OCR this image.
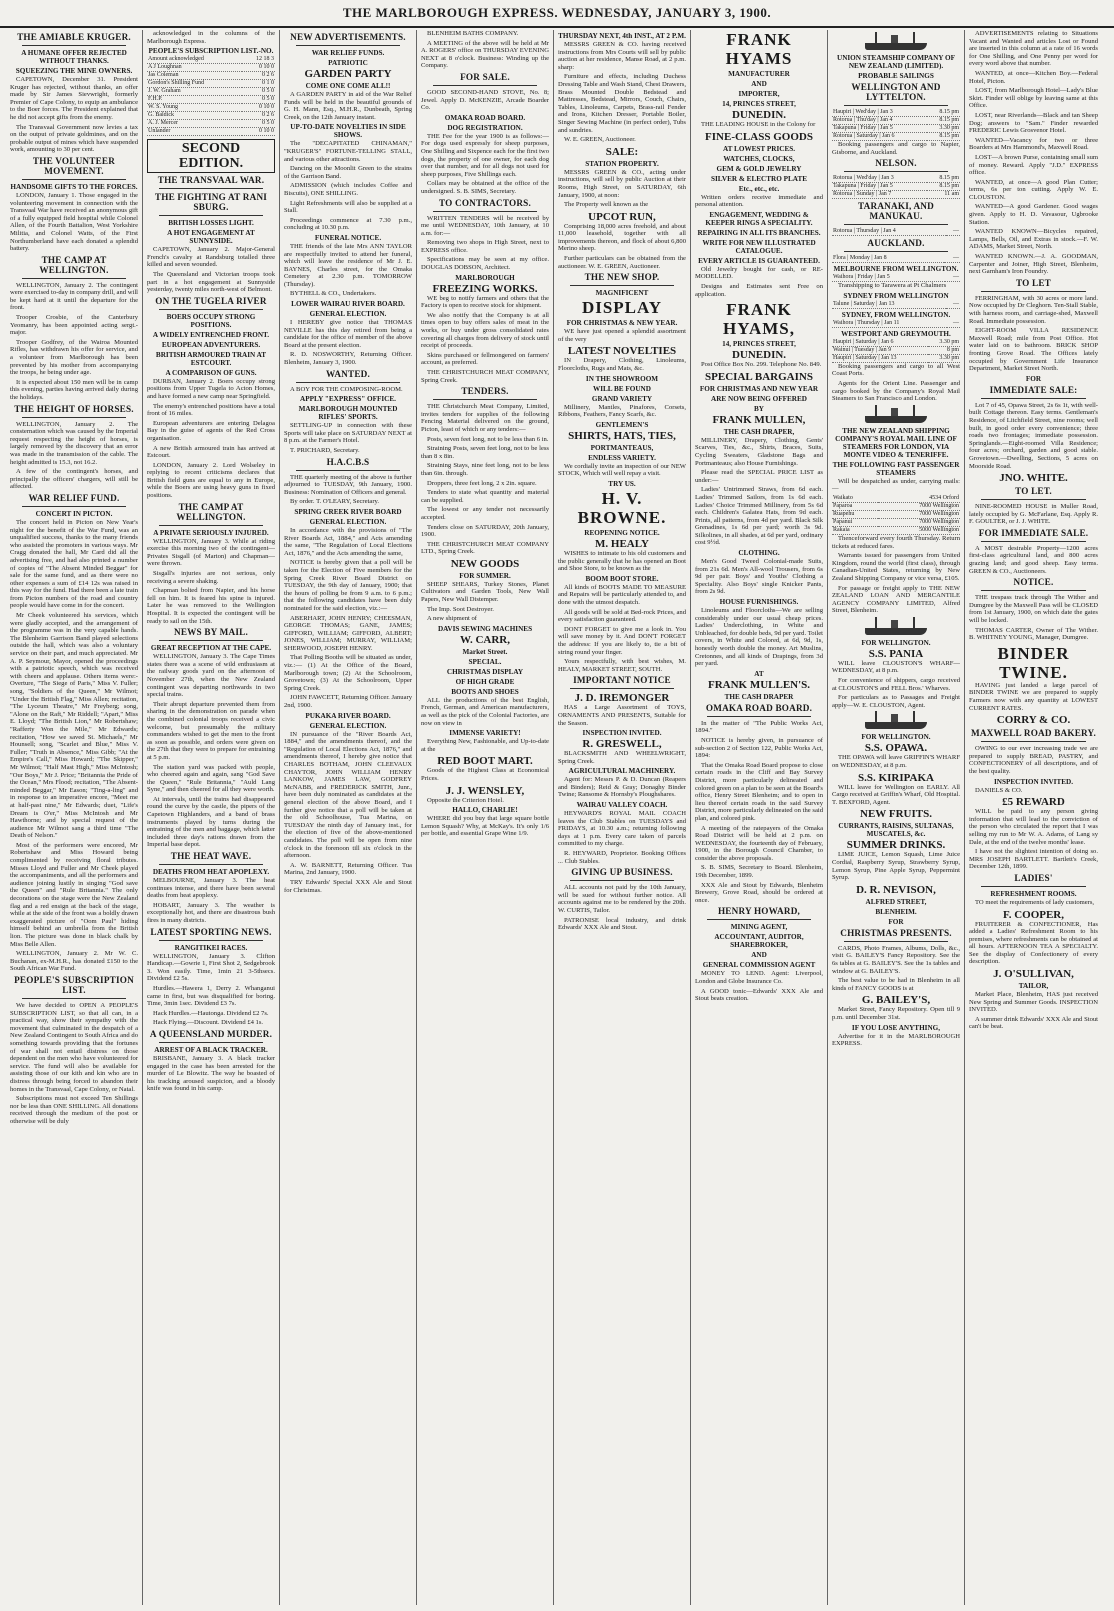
THE MARLBOROUGH EXPRESS. WEDNESDAY, JANUARY 3, 1900.
THE AMIABLE KRUGER.
A HUMANE OFFER REJECTED WITHOUT THANKS.
SQUEEZING THE MINE OWNERS.

CAPETOWN, December 31. President Kruger has rejected, without thanks, an offer made by Sir James Sievwright, formerly Premier of Cape Colony, to equip an ambulance to the Boer forces. The President explained that he did not accept gifts from the enemy.

The Transvaal Government now levies a tax on the output of private goldmines, and on the probable output of mines which have suspended work, amounting to 30 per cent.

THE VOLUNTEER MOVEMENT.
HANDSOME GIFTS TO THE FORCES.

LONDON, January 1. Those engaged in the volunteering movement in connection with the Transvaal War have received an anonymous gift of a fully equipped field hospital while Colonel Allen, of the Fourth Battalion, West Yorkshire Militia, and Colonel Watts, of the First Northumberland have each donated a splendid battery.

THE CAMP AT WELLINGTON.

WELLINGTON, January 2. The contingent were exercised to-day in company drill, and will be kept hard at it until the departure for the front.

Trooper Crosbie, of the Canterbury Yeomanry, has been appointed acting sergt.-major.

Trooper Godfrey, of the Wairoa Mounted Rifles, has withdrawn his offer for service, and a volunteer from Marlborough has been prevented by his mother from accompanying the troops, he being under age.

It is expected about 150 men will be in camp this evening, parties having arrived daily during the holidays.

THE HEIGHT OF HORSES.

WELLINGTON, January 2. The consternation which was caused by the Imperial request respecting the height of horses, is largely removed by the discovery that an error was made in the transmission of the cable. The height admitted is 15.3, not 16.2.

A few of the contingent's horses, and principally the officers' chargers, will still be affected.

WAR RELIEF FUND.
CONCERT IN PICTON.

The concert held in Picton on New Year's night for the benefit of the War Fund, was an unqualified success, thanks to the many friends who assisted the promoters in various ways. Mr Cragg donated the hall, Mr Card did all the advertising free, and had also printed a number of copies of "The Absent Minded Beggar" for sale for the same fund, and as there were no other expenses a sum of £14 12s was raised in this way for the fund. Had there been a late train from Picton numbers of the road and country people would have come in for the concert.

Mr Cheek volunteered his services, which were gladly accepted, and the arrangement of the programme was in the very capable hands. The Blenheim Garrison Band played selections outside the hall, which was also a voluntary service on their part, and much appreciated. Mr A. P. Seymour, Mayor, opened the proceedings with a patriotic speech, which was received with cheers and applause. Others items were:-Overture, "The Siege of Paris," Miss V. Fuller; song, "Soldiers of the Queen," Mr Wilmot; "Under the British Flag," Miss Allen; recitation, "The Lyceum Theatre," Mr Freyberg; song, "Alone on the Raft," Mr Riddell; "Apart," Miss E. Lloyd; "The British Lion," Mr Robertshaw; "Rafferty Won the Mile," Mr Edwards; recitation, "How we saved St. Michaels," Mr Hounsell; song, "Scarlet and Blue," Miss V. Fuller; "Truth in Absence," Miss Gibb; "At the Empire's Call," Miss Howard; "The Skipper," Mr Wilmot; "Half Mast High," Miss McIntosh; "Our Boys," Mr J. Price; "Britannia the Pride of the Ocean," Mrs Flood; recitation, "The Absent-minded Beggar," Mr Eason; "Ting-a-ling" and in response to an imperative encore, "Meet me at half-past nine," Mr Edwards; duet, "Life's Dream is O'er," Miss McIntosh and Mr Hawthorne; and by special request of the audience Mr Wilmot sang a third time "The Death of Nelson."

Most of the performers were encored, Mr Robertshaw and Miss Howard being complimented by receiving floral tributes. Misses Lloyd and Fuller and Mr Cheek played the accompaniments, and all the performers and audience joining lustily in singing "God save the Queen" and "Rule Britannia." The only decorations on the stage were the New Zealand flag and a red ensign at the back of the stage, while at the side of the front was a boldly drawn exaggerated picture of "Oom Paul" hiding himself behind an umbrella from the British lion. The picture was done in black chalk by Miss Belle Allen.

WELLINGTON, January 2. Mr W. C. Buchanan, ex-M.H.R., has donated £150 to the South African War Fund.

PEOPLE'S SUBSCRIPTION LIST.

We have decided to OPEN A PEOPLE'S SUBSCRIPTION LIST, so that all can, in a practical way, show their sympathy with the movement that culminated in the despatch of a New Zealand Contingent to South Africa and do something towards providing that the fortunes of war shall not entail distress on those dependent on the men who have volunteered for service. The fund will also be available for assisting those of our kith and kin who are in distress through being forced to abandon their homes in the Transvaal, Cape Colony, or Natal.

Subscriptions must not exceed Ten Shillings nor be less than ONE SHILLING. All donations received through the medium of the post or otherwise will be duly

acknowledged in the columns of the Marlborough Express.

PEOPLE'S SUBSCRIPTION LIST.-NO.
Amount acknowledged	12 18 3
A J Loughnan	0 10 0
Jas Coleman	0 2 6
Gordon's Shilling Fund	0 1 0
J. W. Graham	0 5 0
F.H.P.	0 5 0
W. S. Young	0 10 0
G. Baldick	0 2 6
A. J. Mercer	0 5 0
Unlander	0 10 0
SECOND EDITION.
THE TRANSVAAL WAR.
THE FIGHTING AT RANI SBURG.
BRITISH LOSSES LIGHT.
A HOT ENGAGEMENT AT SUNNYSIDE.

CAPETOWN, January 2. Major-General French's cavalry at Randsburg totalled three killed and seven wounded.

The Queensland and Victorian troops took part in a hot engagement at Sunnyside yesterday, twenty miles north-west of Belmont.

ON THE TUGELA RIVER
BOERS OCCUPY STRONG POSITIONS.
A WIDELY ENTRENCHED FRONT.
EUROPEAN ADVENTURERS.
BRITISH ARMOURED TRAIN AT ESTCOURT.
A COMPARISON OF GUNS.

DURBAN, January 2. Boers occupy strong positions from Upper Tugela to Acton Homes, and have formed a new camp near Springfield.

The enemy's entrenched positions have a total front of 16 miles.

European adventurers are entering Delagoa Bay in the guise of agents of the Red Cross organisation.

A new British armoured train has arrived at Estcourt.

LONDON, January 2. Lord Wolseley in replying to recent criticisms declares that British field guns are equal to any in Europe, while the Boers are using heavy guns in fixed positions.

THE CAMP AT WELLINGTON.
A PRIVATE SERIOUSLY INJURED.

WELLINGTON, January 3. While at riding exercise this morning two of the contingent—Privates Sisgall (of Marton) and Chapman—were thrown.

Sisgall's injuries are not serious, only receiving a severe shaking.

Chapman bolted from Napier, and his horse fell on him. It is feared his spine is injured. Later he was removed to the Wellington Hospital. It is expected the contingent will be ready to sail on the 15th.

NEWS BY MAIL.
GREAT RECEPTION AT THE CAPE.

WELLINGTON, January 3. The Cape Times states there was a scene of wild enthusiasm at the railway goods yard on the afternoon of November 27th, when the New Zealand contingent was departing northwards in two special trains.

Their abrupt departure prevented them from sharing in the demonstration on parade when the combined colonial troops received a civic welcome, but presumably the military commanders wished to get the men to the front as soon as possible, and orders were given on the 27th that they were to prepare for entraining at 5 p.m.

The station yard was packed with people, who cheered again and again, sang "God Save the Queen," "Rule Britannia," "Auld Lang Syne," and then cheered for all they were worth.

At intervals, until the trains had disappeared round the curve by the castle, the pipers of the Capetown Highlanders, and a band of brass instruments played by turns during the entraining of the men and baggage, which latter included three day's rations drawn from the Imperial base depot.

THE HEAT WAVE.
DEATHS FROM HEAT APOPLEXY.

MELBOURNE, January 3. The heat continues intense, and there have been several deaths from heat apoplexy.

HOBART, January 3. The weather is exceptionally hot, and there are disastrous bush fires in many districts.

LATEST SPORTING NEWS.
RANGITIKEI RACES.

WELLINGTON, January 3. Clifton Handicap.—Gowrie 1, First Shot 2, Sedgebrook 3. Won easily. Time, 1min 21 3-5thsecs. Dividend £2 5s.

Hurdles.—Hawera 1, Derry 2. Whanganui came in first, but was disqualified for boring. Time, 3min 1sec. Dividend £3 7s.

Hack Hurdles.—Hautonga. Dividend £2 7s.

Hack Flying.—Discount. Dividend £4 1s.

A QUEENSLAND MURDER.
ARREST OF A BLACK TRACKER.

BRISBANE, January 3. A black tracker engaged in the case has been arrested for the murder of Le Blowitz. The way he boasted of his tracking aroused suspicion, and a bloody knife was found in his camp.

NEW ADVERTISEMENTS.
WAR RELIEF FUNDS.
PATRIOTIC
GARDEN PARTY
COME ONE COME ALL!!

A GARDEN PARTY in aid of the War Relief Funds will be held in the beautiful grounds of G. H. Mann, Esq., M.H.R., Dunbeath, Spring Creek, on the 12th January instant.

UP-TO-DATE NOVELTIES IN SIDE SHOWS.

The "DECAPITATED CHINAMAN," "KRUGER'S" FORTUNE-TELLING STALL, and various other attractions.

Dancing on the Moonlit Green to the strains of the Garrison Band.

ADMISSION (which includes Coffee and Biscuits), ONE SHILLING.

Light Refreshments will also be supplied at a Stall.

Proceedings commence at 7.30 p.m., concluding at 10.30 p.m.

FUNERAL NOTICE.

THE friends of the late Mrs ANN TAYLOR are respectfully invited to attend her funeral, which will leave the residence of Mr J. E. BAYNES, Charles street, for the Omaka Cemetery at 2.30 p.m. TOMORROW (Thursday).

BYTHELL & CO., Undertakers.

LOWER WAIRAU RIVER BOARD.
GENERAL ELECTION.

I HEREBY give notice that THOMAS NEVILLE has this day retired from being a candidate for the office of member of the above Board at the present election.

R. D. NOSWORTHY, Returning Officer. Blenheim, January 3, 1900.

WANTED.

A BOY FOR THE COMPOSING-ROOM.

APPLY "EXPRESS" OFFICE.
MARLBOROUGH MOUNTED RIFLES' SPORTS.

SETTLING-UP in connection with these Sports will take place on SATURDAY NEXT at 8 p.m. at the Farmer's Hotel.

T. PRICHARD, Secretary.

H.A.C.B.S

THE quarterly meeting of the above is further adjourned to TUESDAY, 9th January, 1900. Business: Nomination of Officers and general.

By order. T. O'LEARY, Secretary.

SPRING CREEK RIVER BOARD
GENERAL ELECTION.

In accordance with the provisions of "The River Boards Act, 1884," and Acts amending the same, "The Regulation of Local Elections Act, 1876," and the Acts amending the same,

NOTICE is hereby given that a poll will be taken for the Election of Five members for the Spring Creek River Board District on TUESDAY, the 9th day of January, 1900; that the hours of polling be from 9 a.m. to 6 p.m.; that the following candidates have been duly nominated for the said election, viz.:—

ABERHART, JOHN HENRY; CHEESMAN, GEORGE THOMAS; GANE, JAMES; GIFFORD, WILLIAM; GIFFORD, ALBERT; JONES, WILLIAM; MURRAY, WILLIAM; SHERWOOD, JOSEPH HENRY.

That Polling Booths will be situated as under, viz.:— (1) At the Office of the Board, Marlborough town; (2) At the Schoolroom, Grovetown; (3) At the Schoolroom, Upper Spring Creek.

JOHN FAWCETT, Returning Officer. January 2nd, 1900.

PUKAKA RIVER BOARD.
GENERAL ELECTION.

IN pursuance of the "River Boards Act, 1884," and the amendments thereof, and the "Regulation of Local Elections Act, 1876," and amendments thereof, I hereby give notice that CHARLES BOTHAM, JOHN CLEEVAUX CHAYTOR, JOHN WILLIAM HENRY LANKOW, JAMES LAW, GODFREY McNABB, and FREDERICK SMITH, Junr., have been duly nominated as candidates at the general election of the above Board, and I further give notice that a poll will be taken at the old Schoolhouse, Tua Marina, on TUESDAY the ninth day of January inst., for the election of five of the above-mentioned candidates. The poll will be open from nine o'clock in the forenoon till six o'clock in the afternoon.

A. W. BARNETT, Returning Officer. Tua Marina, 2nd January, 1900.

TRY Edwards' Special XXX Ale and Stout for Christmas.

BLENHEIM BATHS COMPANY.

A MEETING of the above will be held at Mr A. ROGERS' office on THURSDAY EVENING NEXT at 8 o'clock. Business: Winding up the Company.

FOR SALE.

GOOD SECOND-HAND STOVE, No. 8; Jewel. Apply D. McKENZIE, Arcade Boarder Co.

OMAKA ROAD BOARD.
DOG REGISTRATION.

THE Fee for the year 1900 is as follows:—For dogs used expressly for sheep purposes, One Shilling and Sixpence each for the first two dogs, the property of one owner, for each dog over that number, and for all dogs not used for sheep purposes, Five Shillings each.

Collars may be obtained at the office of the undersigned. S. B. SIMS, Secretary.

TO CONTRACTORS.

WRITTEN TENDERS will be received by me until WEDNESDAY, 10th January, at 10 a.m. for:—

Removing two shops in High Street, next to EXPRESS office.

Specifications may be seen at my office. DOUGLAS DOBSON, Architect.

MARLBOROUGH
FREEZING WORKS.

WE beg to notify farmers and others that the Factory is open to receive stock for shipment.

We also notify that the Company is at all times open to buy offers sales of meat in the works, or buy under gross consolidated rates covering all charges from delivery of stock until receipt of proceeds.

Skins purchased or fellmongered on farmers' account, as preferred.

THE CHRISTCHURCH MEAT COMPANY, Spring Creek.

TENDERS.

THE Christchurch Meat Company, Limited, invites tenders for supplies of the following Fencing Material delivered on the ground, Picton, least of which or any tenders:—

Posts, seven feet long, not to be less than 6 in.

Straining Posts, seven feet long, not to be less than 8 x 8in.

Straining Stays, nine feet long, not to be less than 6in. through.

Droppers, three feet long, 2 x 2in. square.

Tenders to state what quantity and material can be supplied.

The lowest or any tender not necessarily accepted.

Tenders close on SATURDAY, 20th January, 1900.

THE CHRISTCHURCH MEAT COMPANY LTD., Spring Creek.

NEW GOODS
FOR SUMMER.

SHEEP SHEARS, Turkey Stones, Planet Cultivators and Garden Tools, New Wall Papers, New Wall Distemper.

The Imp. Soot Destroyer.

A new shipment of

DAVIS SEWING MACHINES
W. CARR,
Market Street.
SPECIAL.
CHRISTMAS DISPLAY
OF HIGH GRADE
BOOTS AND SHOES

ALL the productions of the best English, French, German, and American manufacturers, as well as the pick of the Colonial Factories, are now on view in

IMMENSE VARIETY!

Everything New, Fashionable, and Up-to-date at the

RED BOOT MART.

Goods of the Highest Class at Economical Prices.

J. J. WENSLEY,

Opposite the Criterion Hotel.

HALLO, CHARLIE!

WHERE did you buy that large square bottle Lemon Squash? Why, at McKay's. It's only 1/6 per bottle, and essential Grape Wine 1/9.

THURSDAY NEXT, 4th INST., AT 2 P.M.

MESSRS GREEN & CO. having received instructions from Mrs Courts will sell by public auction at her residence, Manse Road, at 2 p.m. sharp:

Furniture and effects, including Duchess Dressing Table and Wash Stand, Chest Drawers, Brass Mounted Double Bedstead and Mattresses, Bedstead, Mirrors, Couch, Chairs, Tables, Linoleums, Carpets, Brass-rail Fender and Irons, Kitchen Dresser, Portable Boiler, Singer Sewing Machine (in perfect order), Tubs and sundries.

W. E. GREEN, Auctioneer.

SALE:
STATION PROPERTY.

MESSRS GREEN & CO., acting under instructions, will sell by public Auction at their Rooms, High Street, on SATURDAY, 6th January, 1900, at noon:

The Property well known as the

UPCOT RUN,

Comprising 18,000 acres freehold, and about 11,000 leasehold, together with all improvements thereon, and flock of about 6,800 Merino sheep.

Further particulars can be obtained from the auctioneer. W. E. GREEN, Auctioneer.

THE NEW SHOP.
MAGNIFICENT
DISPLAY
FOR CHRISTMAS & NEW YEAR.

WE have just opened a splendid assortment of the very

LATEST NOVELTIES

IN Drapery, Clothing, Linoleums, Floorcloths, Rugs and Mats, &c.

IN THE SHOWROOM
WILL BE FOUND
GRAND VARIETY

Millinery, Mantles, Pinafores, Corsets, Ribbons, Feathers, Fancy Scarfs, &c.

GENTLEMEN'S
SHIRTS, HATS, TIES,
PORTMANTEAUS,
ENDLESS VARIETY.

We cordially invite an inspection of our NEW STOCK, Which will well repay a visit.

TRY US.
H. V. BROWNE.
REOPENING NOTICE.
M. HEALY

WISHES to intimate to his old customers and the public generally that he has opened an Boot and Shoe Store, to be known as the

BOOM BOOT STORE.

All kinds of BOOTS MADE TO MEASURE and Repairs will be particularly attended to, and done with the utmost despatch.

All goods will be sold at Bed-rock Prices, and every satisfaction guaranteed.

DONT FORGET to give me a look in. You will save money by it. And DON'T FORGET the address: If you are likely to, tie a bit of string round your finger.

Yours respectfully, with best wishes, M. HEALY, MARKET STREET, SOUTH.

IMPORTANT NOTICE
J. D. IREMONGER

HAS a Large Assortment of TOYS, ORNAMENTS AND PRESENTS, Suitable for the Season.

INSPECTION INVITED.
R. GRESWELL,

BLACKSMITH AND WHEELWRIGHT, Spring Creek.

AGRICULTURAL MACHINERY.

Agent for: Messrs P. & D. Duncan (Reapers and Binders); Reid & Gray; Donaghy Binder Twine; Ransome & Hornsby's Ploughshares.

WAIRAU VALLEY COACH.

HEYWARD'S ROYAL MAIL COACH leaves the Club Stables on TUESDAYS and FRIDAYS, at 10.30 a.m.; returning following days at 1 p.m. Every care taken of parcels committed to my charge.

R. HEYWARD, Proprietor. Booking Offices ... Club Stables.

GIVING UP BUSINESS.

ALL accounts not paid by the 10th January, will be sued for without further notice. All accounts against me to be rendered by the 20th. W. CURTIS, Tailor.

PATRONISE local industry, and drink Edwards' XXX Ale and Stout.

FRANK HYAMS
MANUFACTURER
AND
IMPORTER,
14, PRINCES STREET,
DUNEDIN.

THE LEADING HOUSE in the Colony for

FINE-CLASS GOODS
AT LOWEST PRICES.
WATCHES, CLOCKS,
GEM & GOLD JEWELRY
SILVER & ELECTRO PLATE
Etc., etc., etc.

Written orders receive immediate and personal attention.

ENGAGEMENT, WEDDING & KEEPER RINGS A SPECIALITY.
REPAIRING IN ALL ITS BRANCHES.
WRITE FOR NEW ILLUSTRATED CATALOGUE.
EVERY ARTICLE IS GUARANTEED.

Old Jewelry bought for cash, or RE-MODELLED.

Designs and Estimates sent Free on application.

FRANK HYAMS,
14, PRINCES STREET,
DUNEDIN.

Post Office Box No. 299. Telephone No. 849.

SPECIAL BARGAINS
FOR CHRISTMAS AND NEW YEAR
ARE NOW BEING OFFERED
BY
FRANK MULLEN,
THE CASH DRAPER,

MILLINERY, Drapery, Clothing, Gents' Scarves, Ties, &c., Shirts, Braces, Suits, Cycling Sweaters, Gladstone Bags and Portmanteaus; also House Furnishings.

Please read the SPECIAL PRICE LIST as under:—

Ladies' Untrimmed Straws, from 6d each. Ladies' Trimmed Sailors, from 1s 6d each. Ladies' Choice Trimmed Millinery, from 5s 6d each. Children's Galatea Hats, from 9d each. Prints, all patterns, from 4d per yard. Black Silk Grenadines, 1s 6d per yard; worth 3s 9d. Silkolines, in all shades, at 6d per yard, ordinary cost 9½d.

CLOTHING.

Men's Good Tweed Colonial-made Suits, from 21s 6d. Men's All-wool Trousers, from 6s 9d per pair. Boys' and Youths' Clothing a Speciality. Also Boys' single Knicker Pants, from 2s 9d.

HOUSE FURNISHINGS.

Linoleums and Floorcloths—We are selling considerably under our usual cheap prices. Ladies' Underclothing, in White and Unbleached, for double beds, 9d per yard. Toilet covers, in White and Colored, at 6d, 9d, 1s, honestly worth double the money. Art Muslins, Cretonnes, and all kinds of Drapings, from 3d per yard.

AT
FRANK MULLEN'S.
THE CASH DRAPER
OMAKA ROAD BOARD.

In the matter of "The Public Works Act, 1894."

NOTICE is hereby given, in pursuance of sub-section 2 of Section 122, Public Works Act, 1894:

That the Omaka Road Board propose to close certain roads in the Cliff and Bay Survey District, more particularly delineated and colored green on a plan to be seen at the Board's office, Henry Street Blenheim; and to open in lieu thereof certain roads in the said Survey District, more particularly delineated on the said plan, and colored pink.

A meeting of the ratepayers of the Omaka Road District will be held at 2 p.m. on WEDNESDAY, the fourteenth day of February, 1900, in the Borough Council Chamber, to consider the above proposals.

S. B. SIMS, Secretary to Board. Blenheim, 19th December, 1899.

XXX Ale and Stout by Edwards, Blenheim Brewery, Grove Road, should be ordered at once.

HENRY HOWARD,
MINING AGENT,
ACCOUNTANT, AUDITOR, SHAREBROKER,
AND
GENERAL COMMISSION AGENT

MONEY TO LEND. Agent: Liverpool, London and Globe Insurance Co.

A GOOD tonic—Edwards' XXX Ale and Stout beats creation.

UNION STEAMSHIP COMPANY OF NEW ZEALAND (LIMITED).
PROBABLE SAILINGS
WELLINGTON AND LYTTELTON.
Haupiri | Wed'day | Jan 3	8.15 pm
Rotorua | Thu'day | Jan 4	8.15 pm
Takapuna | Friday | Jan 5	3.30 pm
Rotorua | Saturday | Jan 6	8.15 pm

Booking passengers and cargo to Napier, Gisborne, and Auckland.

NELSON.
Rotorua | Wed'day | Jan 3	8.15 pm
Takapuna | Friday | Jan 5	8.15 pm
Rotorua | Sunday | Jan 7	11 am
TARANAKI, AND MANUKAU.
Rotorua | Thursday | Jan 4	—
AUCKLAND.
Flora | Monday | Jan 8	—
MELBOURNE FROM WELLINGTON.
Waihora | Friday | Jan 5	—

Transhipping to Tarawera at Pt Chalmers

SYDNEY FROM WELLINGTON
Talune | Saturday | Jan 13	—
SYDNEY, FROM WELLINGTON.
Waihora | Thursday | Jan 11	—
WESTPORT AND GREYMOUTH.
Haupiri | Saturday | Jan 6	3.30 pm
Wainui | Tuesday | Jan 9	8 pm
Haupiri | Saturday | Jan 13	3.30 pm

Booking passengers and cargo to all West Coast Ports.

Agents for the Orient Line. Passenger and cargo booked by the Company's Royal Mail Steamers to San Francisco and London.

THE NEW ZEALAND SHIPPING COMPANY'S ROYAL MAIL LINE OF STEAMERS FOR LONDON, VIA MONTE VIDEO & TENERIFFE.
THE FOLLOWING FAST PASSENGER STEAMERS

Will be despatched as under, carrying mails:—

Waikato	4534 Orford
Paparoa	7000 Wellington
Ruapehu	7000 Wellington
Papanui	7000 Wellington
Rakaia	5000 Wellington

Thenceforward every fourth Thursday. Return tickets at reduced fares.

Warrants issued for passengers from United Kingdom, round the world (first class), through Canadian-United States, returning by New Zealand Shipping Company or vice versa, £105.

For passage or freight apply to THE NEW ZEALAND LOAN AND MERCANTILE AGENCY COMPANY LIMITED, Alfred Street, Blenheim.

FOR WELLINGTON.
S.S. PANIA

WILL leave CLOUSTON'S WHARF—WEDNESDAY, at 8 p.m.

For convenience of shippers, cargo received at CLOUSTON'S and FELL Bros.' Wharves.

For particulars as to Passages and Freight apply—W. E. CLOUSTON, Agent.

FOR WELLINGTON.
S.S. OPAWA.

THE OPAWA will leave GRIFFIN'S WHARF on WEDNESDAY, at 8 p.m.

S.S. KIRIPAKA

WILL leave for Wellington on EARLY. All Cargo received at Griffin's Wharf, Old Hospital. T. BEXFORD, Agent.

NEW FRUITS.
CURRANTS, RAISINS, SULTANAS, MUSCATELS, &c.
SUMMER DRINKS.

LIME JUICE, Lemon Squash, Lime Juice Cordial, Raspberry Syrup, Strawberry Syrup, Lemon Syrup, Pine Apple Syrup, Peppermint Syrup.

D. R. NEVISON,
ALFRED STREET,
BLENHEIM.
FOR
CHRISTMAS PRESENTS.

CARDS, Photo Frames, Albums, Dolls, &c., visit G. BAILEY'S Fancy Repository. See the 6s tables at G. BAILEY'S. See the 1s tables and window at G. BAILEY'S.

The best value to be had in Blenheim in all kinds of FANCY GOODS is at

G. BAILEY'S,

Market Street, Fancy Repository. Open till 9 p.m. until December 31st.

IF YOU LOSE ANYTHING,

Advertise for it in the MARLBOROUGH EXPRESS.

ADVERTISEMENTS relating to Situations Vacant and Wanted and articles Lost or Found are inserted in this column at a rate of 16 words for One Shilling, and One Penny per word for every word above that number.

WANTED, at once—Kitchen Boy.—Federal Hotel, Picton.

LOST, from Marlborough Hotel—Lady's Blue Skirt. Finder will oblige by leaving same at this Office.

LOST, near Riverlands—Black and tan Sheep Dog; answers to "Sam." Finder rewarded FREDERIC Lewis Grosvenor Hotel.

WANTED—Vacancy for two or three Boarders at Mrs Hammond's, Maxwell Road.

LOST—A brown Purse, containing small sum of money. Reward. Apply "J.D." EXPRESS office.

WANTED, at once—A good Plan Cutter; terms, 6s per ton cutting. Apply W. E. CLOUSTON.

WANTED—A good Gardener. Good wages given. Apply to H. D. Vavasour, Ugbrooke Station.

WANTED KNOWN—Bicycles repaired, Lamps, Bells, Oil, and Extras in stock.—F. W. ADAMS, Market Street, North.

WANTED KNOWN.—J. A. GOODMAN, Carpenter and Joiner, High Street, Blenheim, next Garnham's Iron Foundry.

TO LET

FERRINGHAM, with 30 acres or more land. Now occupied by Dr Cleghorn. Ten-Stall Stable, with harness room, and carriage-shed, Maxwell Road. Immediate possession.

EIGHT-ROOM VILLA RESIDENCE Maxwell Road; mile from Post Office. Hot water laid on to bathroom. BRICK SHOP fronting Grove Road. The Offices lately occupied by Government Life Insurance Department, Market Street North.

FOR
IMMEDIATE SALE:

Lot 7 of 45, Opawa Street, 2s 6s 1t, with well-built Cottage thereon. Easy terms. Gentleman's Residence, of Litchfield Street, nine rooms; well built, in good order every convenience; three roads two frontages; immediate possession. Springlands.—Eight-roomed Villa Residence; four acres; orchard, garden and good stable. Grovetown.—Dwelling, Sections, 5 acres on Moorside Road.

JNO. WHITE.
TO LET.

NINE-ROOMED HOUSE in Muller Road, lately occupied by G. McFarlane, Esq. Apply R. F. GOULTER, or J. J. WHITE.

FOR IMMEDIATE SALE.

A MOST desirable Property—1200 acres first-class agricultural land, and 800 acres grazing land; and good sheep. Easy terms. GREEN & CO., Auctioneers.

NOTICE.

THE trespass track through The Wither and Dumgree by the Maxwell Pass will be CLOSED from 1st January, 1900, on which date the gates will be locked.

THOMAS CARTER, Owner of The Wither. B. WHITNEY YOUNG, Manager, Dumgree.

BINDER TWINE.

HAVING just landed a large parcel of BINDER TWINE we are prepared to supply Farmers now with any quantity at LOWEST CURRENT RATES.

CORRY & CO.
MAXWELL ROAD BAKERY.

OWING to our ever increasing trade we are prepared to supply BREAD, PASTRY, and CONFECTIONERY of all descriptions, and of the best quality.

INSPECTION INVITED.

DANIELS & CO.

£5 REWARD

WILL be paid to any person giving information that will lead to the conviction of the person who circulated the report that I was selling my run to Mr W. A. Adams, of Lang sy Dale, at the end of the twelve months' lease.

I have not the slightest intention of doing so. MRS JOSEPH BARTLETT. Bartlett's Creek, December 12th, 1899.

LADIES'
REFRESHMENT ROOMS.

TO meet the requirements of lady customers,

F. COOPER,

FRUITERER & CONFECTIONER, Has added a Ladies' Refreshment Room to his premises, where refreshments can be obtained at all hours. AFTERNOON TEA A SPECIALTY. See the display of Confectionery of every description.

J. O'SULLIVAN,
TAILOR,

Market Place, Blenheim, HAS just received New Spring and Summer Goods. INSPECTION INVITED.

A summer drink Edwards' XXX Ale and Stout can't be beat.
